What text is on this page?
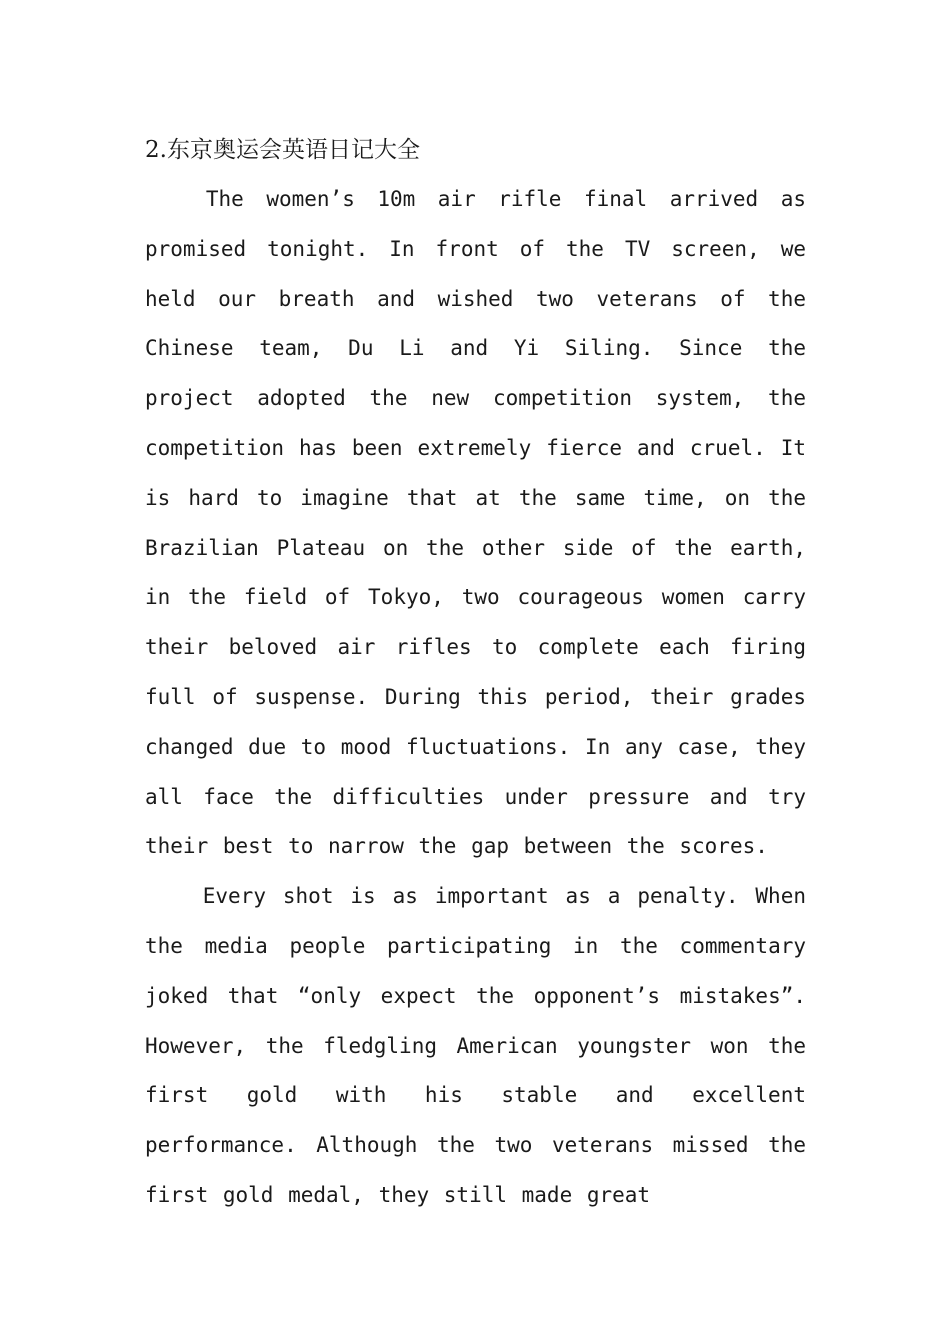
2.东京奥运会英语日记大全

The women’s 10m air rifle final arrived as promised tonight. In front of the TV screen, we held our breath and wished two veterans of the Chinese team, Du Li and Yi Siling. Since the project adopted the new competition system, the competition has been extremely fierce and cruel. It is hard to imagine that at the same time, on the Brazilian Plateau on the other side of the earth, in the field of Tokyo, two courageous women carry their beloved air rifles to complete each firing full of suspense. During this period, their grades changed due to mood fluctuations. In any case, they all face the difficulties under pressure and try their best to narrow the gap between the scores.

Every shot is as important as a penalty. When the media people participating in the commentary joked that “only expect the opponent’s mistakes”. However, the fledgling American youngster won the first gold with his stable and excellent performance. Although the two veterans missed the first gold medal, they still made great
